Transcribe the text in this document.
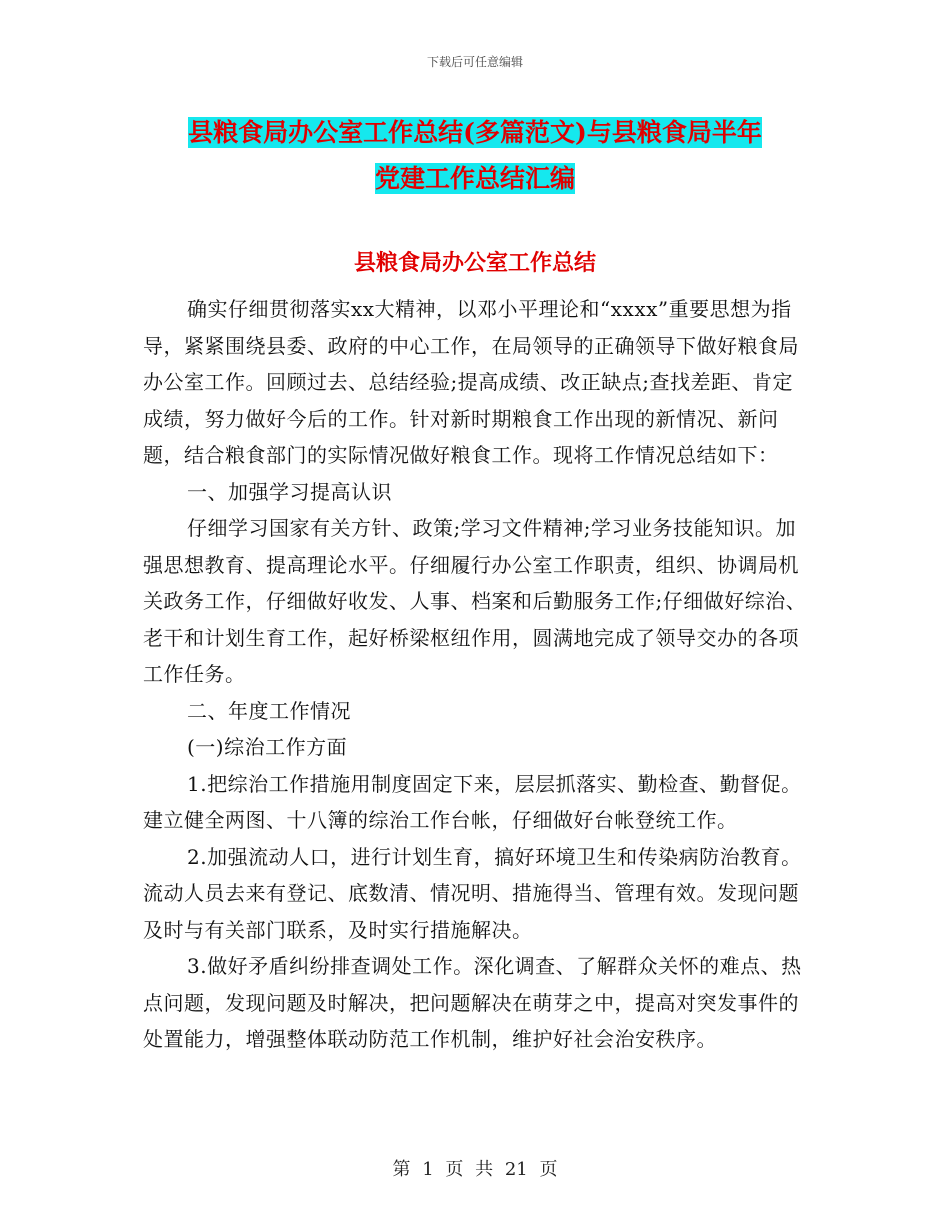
下载后可任意编辑
县粮食局办公室工作总结(多篇范文)与县粮食局半年
党建工作总结汇编
县粮食局办公室工作总结

确实仔细贯彻落实xx大精神，以邓小平理论和“xxxx”重要思想为指导，紧紧围绕县委、政府的中心工作，在局领导的正确领导下做好粮食局办公室工作。回顾过去、总结经验;提高成绩、改正缺点;查找差距、肯定成绩，努力做好今后的工作。针对新时期粮食工作出现的新情况、新问题，结合粮食部门的实际情况做好粮食工作。现将工作情况总结如下：

一、加强学习提高认识

仔细学习国家有关方针、政策;学习文件精神;学习业务技能知识。加强思想教育、提高理论水平。仔细履行办公室工作职责，组织、协调局机关政务工作，仔细做好收发、人事、档案和后勤服务工作;仔细做好综治、老干和计划生育工作，起好桥梁枢纽作用，圆满地完成了领导交办的各项工作任务。

二、年度工作情况

(一)综治工作方面

1.把综治工作措施用制度固定下来，层层抓落实、勤检查、勤督促。建立健全两图、十八簿的综治工作台帐，仔细做好台帐登统工作。

2.加强流动人口，进行计划生育，搞好环境卫生和传染病防治教育。流动人员去来有登记、底数清、情况明、措施得当、管理有效。发现问题及时与有关部门联系，及时实行措施解决。

3.做好矛盾纠纷排查调处工作。深化调查、了解群众关怀的难点、热点问题，发现问题及时解决，把问题解决在萌芽之中，提高对突发事件的处置能力，增强整体联动防范工作机制，维护好社会治安秩序。

第 1 页 共 21 页
